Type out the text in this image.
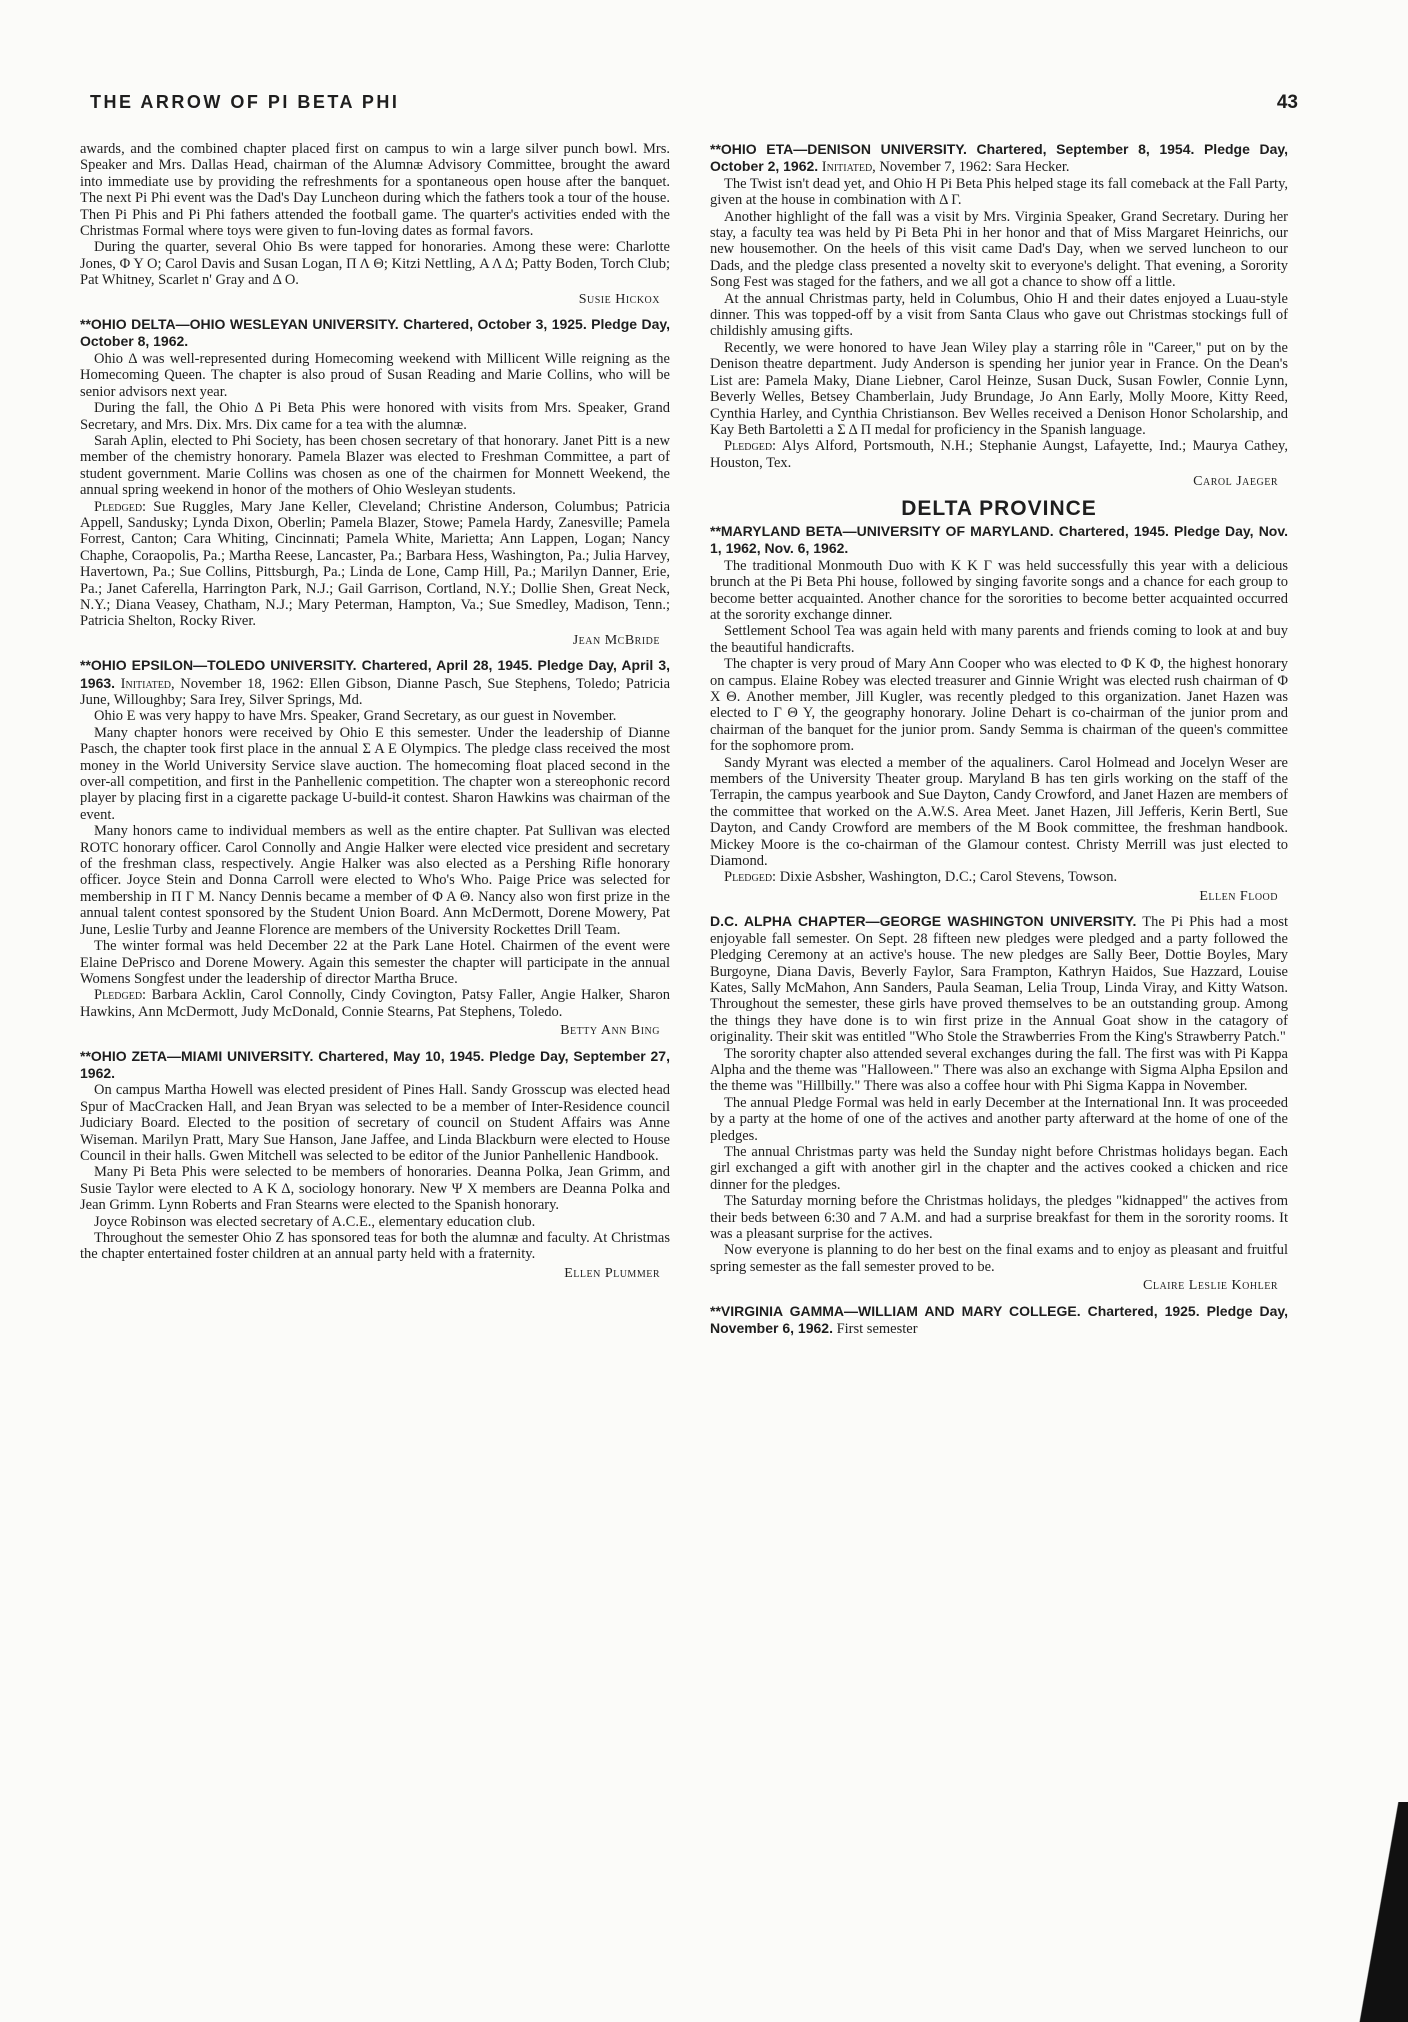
THE ARROW OF PI BETA PHI	43

awards, and the combined chapter placed first on campus to win a large silver punch bowl. Mrs. Speaker and Mrs. Dallas Head, chairman of the Alumnæ Advisory Committee, brought the award into immediate use by providing the refreshments for a spontaneous open house after the banquet. The next Pi Phi event was the Dad's Day Luncheon during which the fathers took a tour of the house. Then Pi Phis and Pi Phi fathers attended the football game. The quarter's activities ended with the Christmas Formal where toys were given to fun-loving dates as formal favors.

During the quarter, several Ohio Bs were tapped for honoraries. Among these were: Charlotte Jones, Φ Υ Ο; Carol Davis and Susan Logan, Π Λ Θ; Kitzi Nettling, Α Λ Δ; Patty Boden, Torch Club; Pat Whitney, Scarlet n' Gray and Δ Ο.

Susie Hickox

**OHIO DELTA—OHIO WESLEYAN UNIVERSITY. Chartered, October 3, 1925. Pledge Day, October 8, 1962.

Ohio Δ was well-represented during Homecoming weekend with Millicent Wille reigning as the Homecoming Queen. The chapter is also proud of Susan Reading and Marie Collins, who will be senior advisors next year.

During the fall, the Ohio Δ Pi Beta Phis were honored with visits from Mrs. Speaker, Grand Secretary, and Mrs. Dix. Mrs. Dix came for a tea with the alumnæ.

Sarah Aplin, elected to Phi Society, has been chosen secretary of that honorary. Janet Pitt is a new member of the chemistry honorary. Pamela Blazer was elected to Freshman Committee, a part of student government. Marie Collins was chosen as one of the chairmen for Monnett Weekend, the annual spring weekend in honor of the mothers of Ohio Wesleyan students.

Pledged: Sue Ruggles, Mary Jane Keller, Cleveland; Christine Anderson, Columbus; Patricia Appell, Sandusky; Lynda Dixon, Oberlin; Pamela Blazer, Stowe; Pamela Hardy, Zanesville; Pamela Forrest, Canton; Cara Whiting, Cincinnati; Pamela White, Marietta; Ann Lappen, Logan; Nancy Chaphe, Coraopolis, Pa.; Martha Reese, Lancaster, Pa.; Barbara Hess, Washington, Pa.; Julia Harvey, Havertown, Pa.; Sue Collins, Pittsburgh, Pa.; Linda de Lone, Camp Hill, Pa.; Marilyn Danner, Erie, Pa.; Janet Caferella, Harrington Park, N.J.; Gail Garrison, Cortland, N.Y.; Dollie Shen, Great Neck, N.Y.; Diana Veasey, Chatham, N.J.; Mary Peterman, Hampton, Va.; Sue Smedley, Madison, Tenn.; Patricia Shelton, Rocky River.

Jean McBride

**OHIO EPSILON—TOLEDO UNIVERSITY. Chartered, April 28, 1945. Pledge Day, April 3, 1963. Initiated, November 18, 1962: Ellen Gibson, Dianne Pasch, Sue Stephens, Toledo; Patricia June, Willoughby; Sara Irey, Silver Springs, Md.

Ohio E was very happy to have Mrs. Speaker, Grand Secretary, as our guest in November.

Many chapter honors were received by Ohio E this semester. Under the leadership of Dianne Pasch, the chapter took first place in the annual Σ Α Ε Olympics. The pledge class received the most money in the World University Service slave auction. The homecoming float placed second in the over-all competition, and first in the Panhellenic competition. The chapter won a stereophonic record player by placing first in a cigarette package U-build-it contest. Sharon Hawkins was chairman of the event.

Many honors came to individual members as well as the entire chapter. Pat Sullivan was elected ROTC honorary officer. Carol Connolly and Angie Halker were elected vice president and secretary of the freshman class, respectively. Angie Halker was also elected as a Pershing Rifle honorary officer. Joyce Stein and Donna Carroll were elected to Who's Who. Paige Price was selected for membership in Π Γ Μ. Nancy Dennis became a member of Φ Α Θ. Nancy also won first prize in the annual talent contest sponsored by the Student Union Board. Ann McDermott, Dorene Mowery, Pat June, Leslie Turby and Jeanne Florence are members of the University Rockettes Drill Team.

The winter formal was held December 22 at the Park Lane Hotel. Chairmen of the event were Elaine DePrisco and Dorene Mowery. Again this semester the chapter will participate in the annual Womens Songfest under the leadership of director Martha Bruce.

Pledged: Barbara Acklin, Carol Connolly, Cindy Covington, Patsy Faller, Angie Halker, Sharon Hawkins, Ann McDermott, Judy McDonald, Connie Stearns, Pat Stephens, Toledo.

Betty Ann Bing

**OHIO ZETA—MIAMI UNIVERSITY. Chartered, May 10, 1945. Pledge Day, September 27, 1962.

On campus Martha Howell was elected president of Pines Hall. Sandy Grosscup was elected head Spur of MacCracken Hall, and Jean Bryan was selected to be a member of Inter-Residence council Judiciary Board. Elected to the position of secretary of council on Student Affairs was Anne Wiseman. Marilyn Pratt, Mary Sue Hanson, Jane Jaffee, and Linda Blackburn were elected to House Council in their halls. Gwen Mitchell was selected to be editor of the Junior Panhellenic Handbook.

Many Pi Beta Phis were selected to be members of honoraries. Deanna Polka, Jean Grimm, and Susie Taylor were elected to Α Κ Δ, sociology honorary. New Ψ Χ members are Deanna Polka and Jean Grimm. Lynn Roberts and Fran Stearns were elected to the Spanish honorary.

Joyce Robinson was elected secretary of A.C.E., elementary education club.

Throughout the semester Ohio Z has sponsored teas for both the alumnæ and faculty. At Christmas the chapter entertained foster children at an annual party held with a fraternity.

Ellen Plummer

**OHIO ETA—DENISON UNIVERSITY. Chartered, September 8, 1954. Pledge Day, October 2, 1962. Initiated, November 7, 1962: Sara Hecker.

The Twist isn't dead yet, and Ohio Η Pi Beta Phis helped stage its fall comeback at the Fall Party, given at the house in combination with Δ Γ.

Another highlight of the fall was a visit by Mrs. Virginia Speaker, Grand Secretary. During her stay, a faculty tea was held by Pi Beta Phi in her honor and that of Miss Margaret Heinrichs, our new housemother. On the heels of this visit came Dad's Day, when we served luncheon to our Dads, and the pledge class presented a novelty skit to everyone's delight. That evening, a Sorority Song Fest was staged for the fathers, and we all got a chance to show off a little.

At the annual Christmas party, held in Columbus, Ohio Η and their dates enjoyed a Luau-style dinner. This was topped-off by a visit from Santa Claus who gave out Christmas stockings full of childishly amusing gifts.

Recently, we were honored to have Jean Wiley play a starring rôle in "Career," put on by the Denison theatre department. Judy Anderson is spending her junior year in France. On the Dean's List are: Pamela Maky, Diane Liebner, Carol Heinze, Susan Duck, Susan Fowler, Connie Lynn, Beverly Welles, Betsey Chamberlain, Judy Brundage, Jo Ann Early, Molly Moore, Kitty Reed, Cynthia Harley, and Cynthia Christianson. Bev Welles received a Denison Honor Scholarship, and Kay Beth Bartoletti a Σ Δ Π medal for proficiency in the Spanish language.

Pledged: Alys Alford, Portsmouth, N.H.; Stephanie Aungst, Lafayette, Ind.; Maurya Cathey, Houston, Tex.

Carol Jaeger
DELTA PROVINCE

**MARYLAND BETA—UNIVERSITY OF MARYLAND. Chartered, 1945. Pledge Day, Nov. 1, 1962, Nov. 6, 1962.

The traditional Monmouth Duo with Κ Κ Γ was held successfully this year with a delicious brunch at the Pi Beta Phi house, followed by singing favorite songs and a chance for each group to become better acquainted. Another chance for the sororities to become better acquainted occurred at the sorority exchange dinner.

Settlement School Tea was again held with many parents and friends coming to look at and buy the beautiful handicrafts.

The chapter is very proud of Mary Ann Cooper who was elected to Φ Κ Φ, the highest honorary on campus. Elaine Robey was elected treasurer and Ginnie Wright was elected rush chairman of Φ Χ Θ. Another member, Jill Kugler, was recently pledged to this organization. Janet Hazen was elected to Γ Θ Υ, the geography honorary. Joline Dehart is co-chairman of the junior prom and chairman of the banquet for the junior prom. Sandy Semma is chairman of the queen's committee for the sophomore prom.

Sandy Myrant was elected a member of the aqualiners. Carol Holmead and Jocelyn Weser are members of the University Theater group. Maryland Β has ten girls working on the staff of the Terrapin, the campus yearbook and Sue Dayton, Candy Crowford, and Janet Hazen are members of the committee that worked on the A.W.S. Area Meet. Janet Hazen, Jill Jefferis, Kerin Bertl, Sue Dayton, and Candy Crowford are members of the M Book committee, the freshman handbook. Mickey Moore is the co-chairman of the Glamour contest. Christy Merrill was just elected to Diamond.

Pledged: Dixie Asbsher, Washington, D.C.; Carol Stevens, Towson.

Ellen Flood

D.C. ALPHA CHAPTER—GEORGE WASHINGTON UNIVERSITY. The Pi Phis had a most enjoyable fall semester. On Sept. 28 fifteen new pledges were pledged and a party followed the Pledging Ceremony at an active's house. The new pledges are Sally Beer, Dottie Boyles, Mary Burgoyne, Diana Davis, Beverly Faylor, Sara Frampton, Kathryn Haidos, Sue Hazzard, Louise Kates, Sally McMahon, Ann Sanders, Paula Seaman, Lelia Troup, Linda Viray, and Kitty Watson. Throughout the semester, these girls have proved themselves to be an outstanding group. Among the things they have done is to win first prize in the Annual Goat show in the catagory of originality. Their skit was entitled "Who Stole the Strawberries From the King's Strawberry Patch."

The sorority chapter also attended several exchanges during the fall. The first was with Pi Kappa Alpha and the theme was "Halloween." There was also an exchange with Sigma Alpha Epsilon and the theme was "Hillbilly." There was also a coffee hour with Phi Sigma Kappa in November.

The annual Pledge Formal was held in early December at the International Inn. It was proceeded by a party at the home of one of the actives and another party afterward at the home of one of the pledges.

The annual Christmas party was held the Sunday night before Christmas holidays began. Each girl exchanged a gift with another girl in the chapter and the actives cooked a chicken and rice dinner for the pledges.

The Saturday morning before the Christmas holidays, the pledges "kidnapped" the actives from their beds between 6:30 and 7 A.M. and had a surprise breakfast for them in the sorority rooms. It was a pleasant surprise for the actives.

Now everyone is planning to do her best on the final exams and to enjoy as pleasant and fruitful spring semester as the fall semester proved to be.

Claire Leslie Kohler

**VIRGINIA GAMMA—WILLIAM AND MARY COLLEGE. Chartered, 1925. Pledge Day, November 6, 1962. First semester
